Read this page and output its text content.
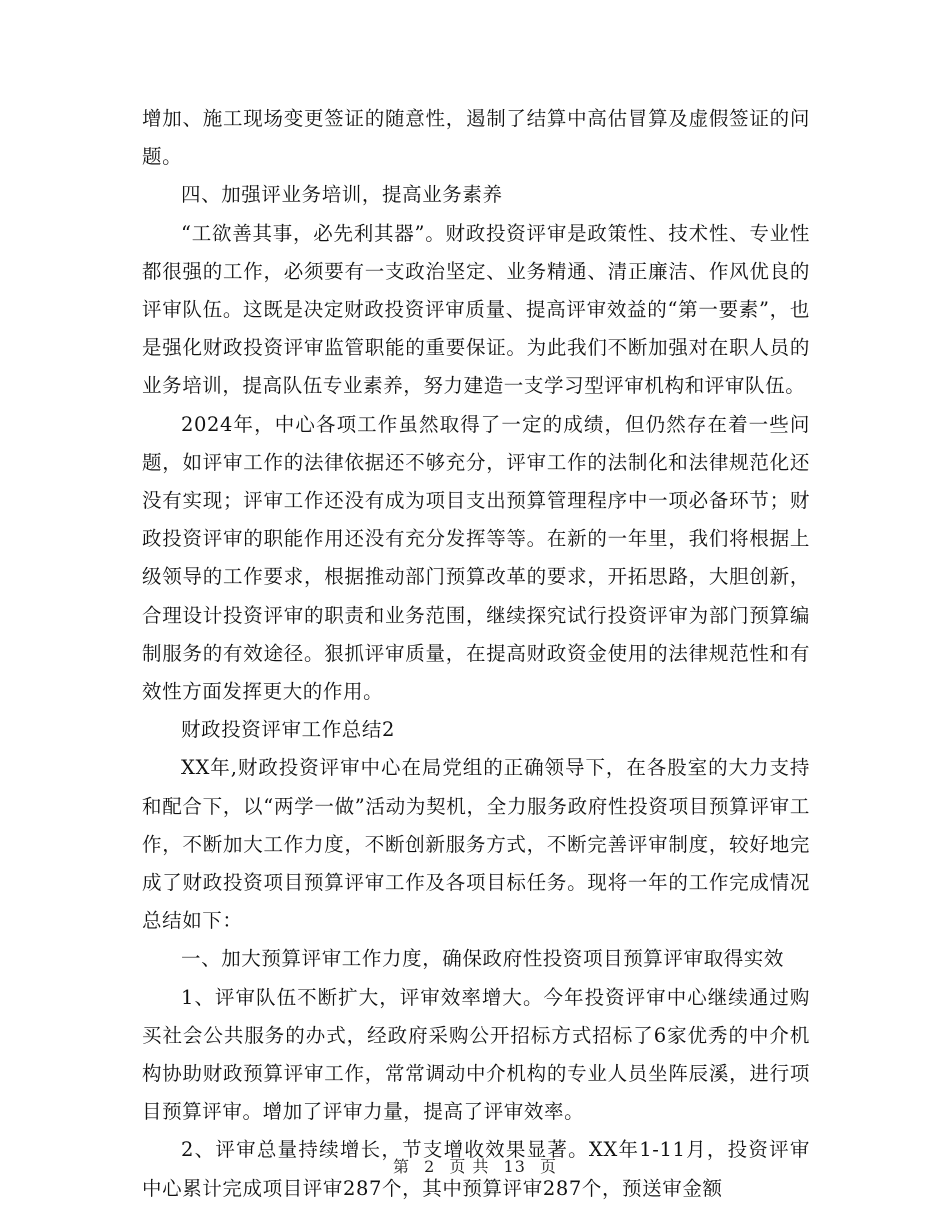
增加、施工现场变更签证的随意性，遏制了结算中高估冒算及虚假签证的问题。

四、加强评业务培训，提高业务素养

“工欲善其事，必先利其器”。财政投资评审是政策性、技术性、专业性都很强的工作，必须要有一支政治坚定、业务精通、清正廉洁、作风优良的评审队伍。这既是决定财政投资评审质量、提高评审效益的“第一要素”，也是强化财政投资评审监管职能的重要保证。为此我们不断加强对在职人员的业务培训，提高队伍专业素养，努力建造一支学习型评审机构和评审队伍。

2024年，中心各项工作虽然取得了一定的成绩，但仍然存在着一些问题，如评审工作的法律依据还不够充分，评审工作的法制化和法律规范化还没有实现；评审工作还没有成为项目支出预算管理程序中一项必备环节；财政投资评审的职能作用还没有充分发挥等等。在新的一年里，我们将根据上级领导的工作要求，根据推动部门预算改革的要求，开拓思路，大胆创新，合理设计投资评审的职责和业务范围，继续探究试行投资评审为部门预算编制服务的有效途径。狠抓评审质量，在提高财政资金使用的法律规范性和有效性方面发挥更大的作用。

财政投资评审工作总结2

XX年,财政投资评审中心在局党组的正确领导下，在各股室的大力支持和配合下，以“两学一做”活动为契机，全力服务政府性投资项目预算评审工作，不断加大工作力度，不断创新服务方式，不断完善评审制度，较好地完成了财政投资项目预算评审工作及各项目标任务。现将一年的工作完成情况总结如下：

一、加大预算评审工作力度，确保政府性投资项目预算评审取得实效

1、评审队伍不断扩大，评审效率增大。今年投资评审中心继续通过购买社会公共服务的办式，经政府采购公开招标方式招标了6家优秀的中介机构协助财政预算评审工作，常常调动中介机构的专业人员坐阵辰溪，进行项目预算评审。增加了评审力量，提高了评审效率。

2、评审总量持续增长，节支增收效果显著。XX年1-11月，投资评审中心累计完成项目评审287个，其中预算评审287个，预送审金额

第 2 页 共 13 页
